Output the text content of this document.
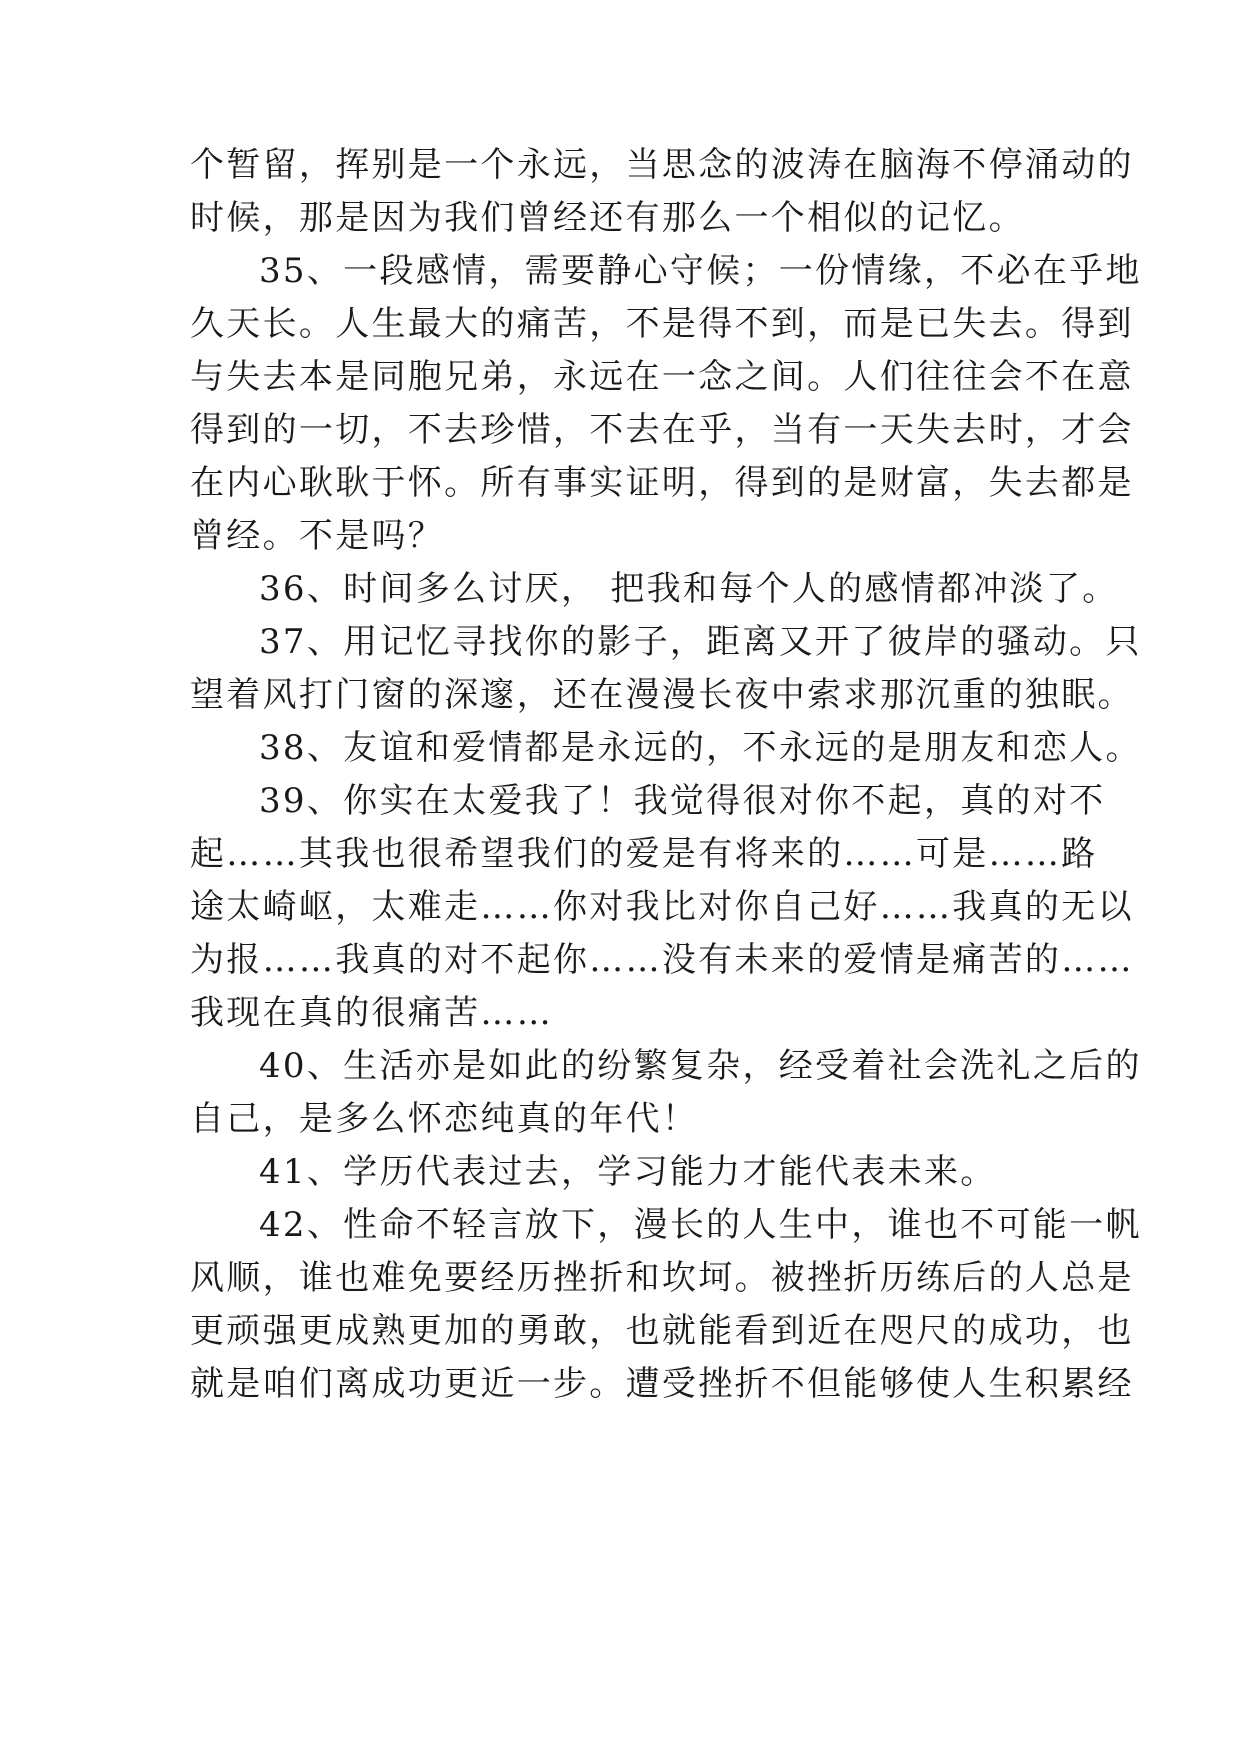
个暂留，挥别是一个永远，当思念的波涛在脑海不停涌动的
时候，那是因为我们曾经还有那么一个相似的记忆。
35、一段感情，需要静心守候；一份情缘，不必在乎地
久天长。人生最大的痛苦，不是得不到，而是已失去。得到
与失去本是同胞兄弟，永远在一念之间。人们往往会不在意
得到的一切，不去珍惜，不去在乎，当有一天失去时，才会
在内心耿耿于怀。所有事实证明，得到的是财富，失去都是
曾经。不是吗？
36、时间多么讨厌， 把我和每个人的感情都冲淡了。
37、用记忆寻找你的影子，距离又开了彼岸的骚动。只
望着风打门窗的深邃，还在漫漫长夜中索求那沉重的独眠。
38、友谊和爱情都是永远的，不永远的是朋友和恋人。
39、你实在太爱我了！我觉得很对你不起，真的对不
起……其我也很希望我们的爱是有将来的……可是……路
途太崎岖，太难走……你对我比对你自己好……我真的无以
为报……我真的对不起你……没有未来的爱情是痛苦的……
我现在真的很痛苦……
40、生活亦是如此的纷繁复杂，经受着社会洗礼之后的
自己，是多么怀恋纯真的年代！
41、学历代表过去，学习能力才能代表未来。
42、性命不轻言放下，漫长的人生中，谁也不可能一帆
风顺，谁也难免要经历挫折和坎坷。被挫折历练后的人总是
更顽强更成熟更加的勇敢，也就能看到近在咫尺的成功，也
就是咱们离成功更近一步。遭受挫折不但能够使人生积累经
